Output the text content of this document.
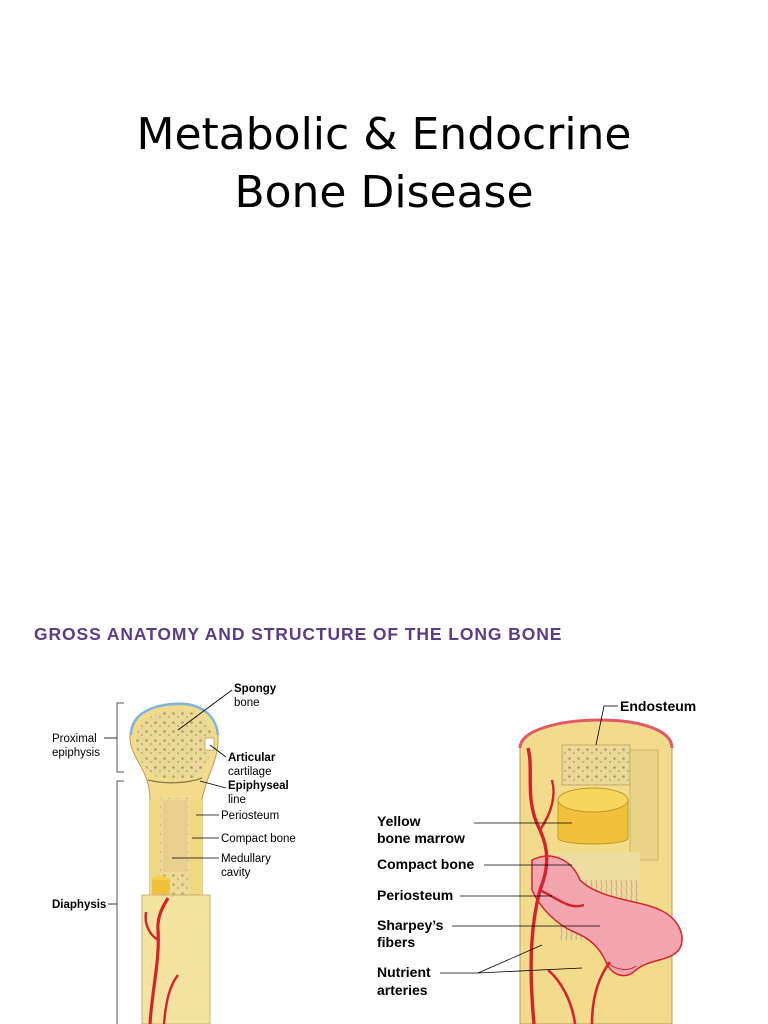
Metabolic & Endocrine
Bone Disease
GROSS ANATOMY AND STRUCTURE OF THE LONG BONE
Spongy
bone
Proximal
epiphysis	Articular
cartilage
Epiphyseal
line
Periosteum
Compact bone
Medullary
cavity
Diaphysis
Endosteum
Yellow
bone marrow
Compact bone
Periosteum
Sharpey’s
fibers
Nutrient
arteries
